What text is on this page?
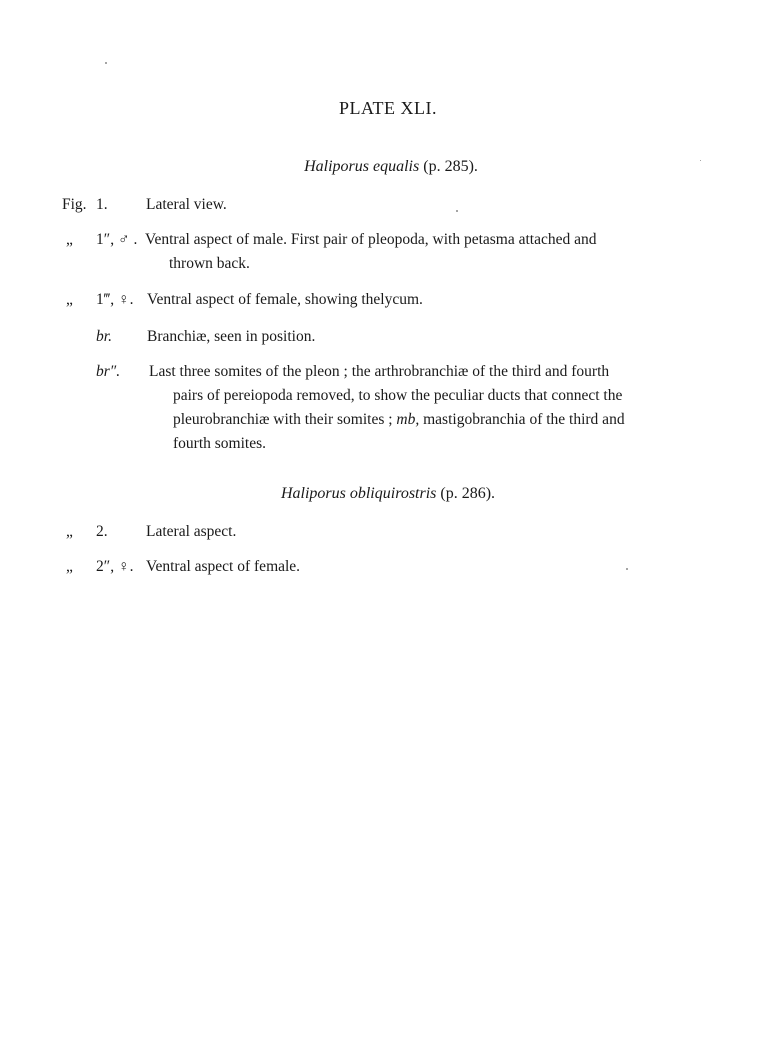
PLATE XLI.
Haliporus equalis (p. 285).
Fig. 1. Lateral view.
„ 1″, ♂ . Ventral aspect of male. First pair of pleopoda, with petasma attached and
thrown back.
„ 1‴, ♀. Ventral aspect of female, showing thelycum.
br. Branchiæ, seen in position.
br″. Last three somites of the pleon ; the arthrobranchiæ of the third and fourth
pairs of pereiopoda removed, to show the peculiar ducts that connect the
pleurobranchiæ with their somites ; mb, mastigobranchia of the third and
fourth somites.
Haliporus obliquirostris (p. 286).
„ 2. Lateral aspect.
„ 2″, ♀. Ventral aspect of female.
